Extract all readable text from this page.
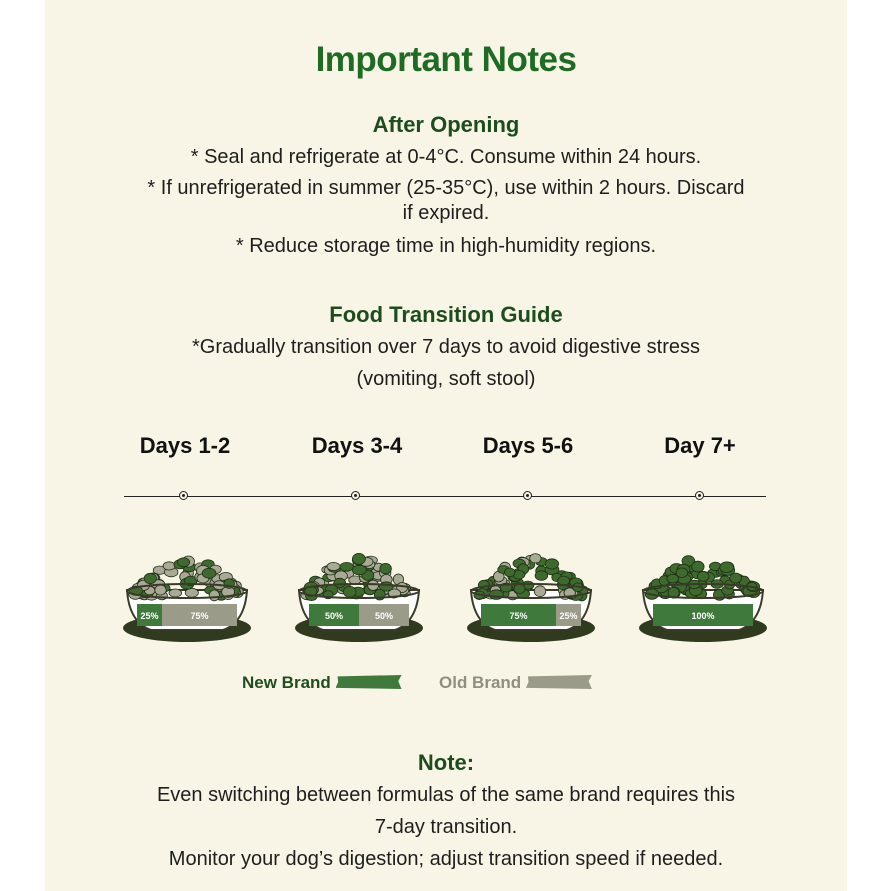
Important Notes
After Opening
* Seal and refrigerate at 0-4°C. Consume within 24 hours.
* If unrefrigerated in summer (25-35°C), use within 2 hours. Discard
if expired.
* Reduce storage time in high-humidity regions.
Food Transition Guide
*Gradually transition over 7 days to avoid digestive stress
(vomiting, soft stool)
Days 1-2	Days 3-4	Days 5-6	Day 7+
25%	75%	50%	50%	75%	25%	100%
New Brand	Old Brand
Note:
Even switching between formulas of the same brand requires this
7-day transition.
Monitor your dog’s digestion; adjust transition speed if needed.
